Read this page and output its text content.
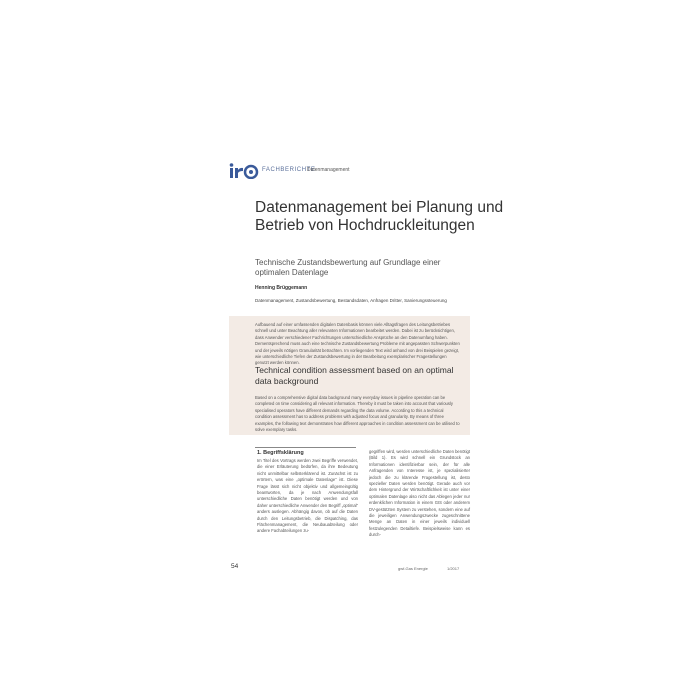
FACHBERICHTE
Datenmanagement
Datenmanagement bei Planung und Betrieb von Hochdruckleitungen
Technische Zustandsbewertung auf Grundlage einer optimalen Datenlage
Henning Brüggemann
Datenmanagement, Zustandsbewertung, Bestandsdaten, Anfragen Dritter, Sanierungssteuerung
Aufbauend auf einer umfassenden digitalen Datenbasis können viele Alltagsfragen des Leitungsbetriebes schnell und unter Beachtung aller relevanten Informationen bearbeitet werden. Dabei ist zu berücksichtigen, dass Anwender verschiedener Fachrichtungen unterschiedliche Ansprüche an den Datenumfang haben. Dementsprechend muss auch eine technische Zustandsbewertung Probleme mit angepassten Schwerpunkten und der jeweils nötigen Granularität betrachten. Im vorliegenden Text wird anhand von drei Beispielen gezeigt, wie unterschiedliche Tiefen der Zustandsbewertung in der Bearbeitung exemplarischer Fragestellungen genutzt werden können.
Technical condition assessment based on an optimal data background
Based on a comprehensive digital data background many everyday issues in pipeline operation can be completed on time considering all relevant information. Thereby it must be taken into account that variously specialised operators have different demands regarding the data volume. According to this a technical condition assessment has to address problems with adjusted focus and granularity. By means of three examples, the following text demonstrates how different approaches in condition assessment can be utilised to solve exemplary tasks.
1. Begriffsklärung
Im Titel des Vortrags werden zwei Begriffe verwendet, die einer Erläuterung bedürfen, da ihre Bedeutung nicht unmittelbar selbsterklärend ist. Zunächst ist zu erörtern, was eine „optimale Datenlage“ ist. Diese Frage lässt sich nicht objektiv und allgemeingültig beantworten, da je nach Anwendungsfall unterschiedliche Daten benötigt werden und von daher unterschiedliche Anwender den Begriff „optimal“ anders auslegen. Abhängig davon, ob auf die Daten durch den Leitungsbetrieb, die Dispatching, das Flächenmanagement, die Neubauabteilung oder andere Fachabteilungen zu-
gegriffen wird, werden unterschiedliche Daten benötigt (Bild 1). Es wird schnell ein Grundstock an Informationen identifizierbar sein, der für alle Anfragenden von Interesse ist, je spezialisierter jedoch die zu klärende Fragestellung ist, desto spezieller Daten werden benötigt. Gerade auch vor dem Hintergrund der Wirtschaftlichkeit ist unter einer optimalen Datenlage also nicht das Ablegen jeder nur erdenklichen Information in einem GIS oder anderem DV-gestützten System zu verstehen, sondern eine auf die jeweiligen Anwendungszwecke zugeschnittene Menge an Daten in einer jeweils individuell festzulegenden Detailtiefe. Beispielsweise kann es durch-
54	gwf-Gas Energie	1/2017
